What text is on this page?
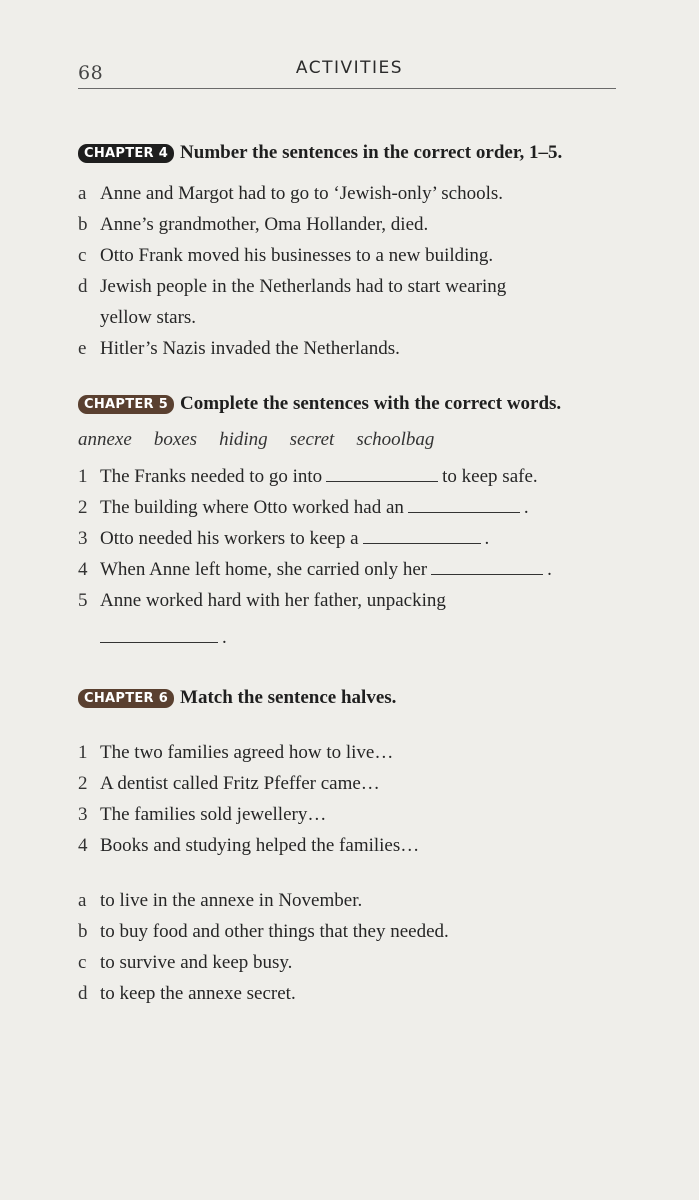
68	ACTIVITIES
CHAPTER 4 Number the sentences in the correct order, 1–5.
a Anne and Margot had to go to ‘Jewish-only’ schools.
b Anne’s grandmother, Oma Hollander, died.
c Otto Frank moved his businesses to a new building.
d Jewish people in the Netherlands had to start wearing
yellow stars.
e Hitler’s Nazis invaded the Netherlands.
CHAPTER 5 Complete the sentences with the correct words.
annexe boxes hiding secret schoolbag
1 The Franks needed to go into	to keep safe.
2 The building where Otto worked had an	.
3 Otto needed his workers to keep a	.
4 When Anne left home, she carried only her	.
5 Anne worked hard with her father, unpacking
.
CHAPTER 6 Match the sentence halves.
1 The two families agreed how to live…
2 A dentist called Fritz Pfeffer came…
3 The families sold jewellery…
4 Books and studying helped the families…
a to live in the annexe in November.
b to buy food and other things that they needed.
c to survive and keep busy.
d to keep the annexe secret.
